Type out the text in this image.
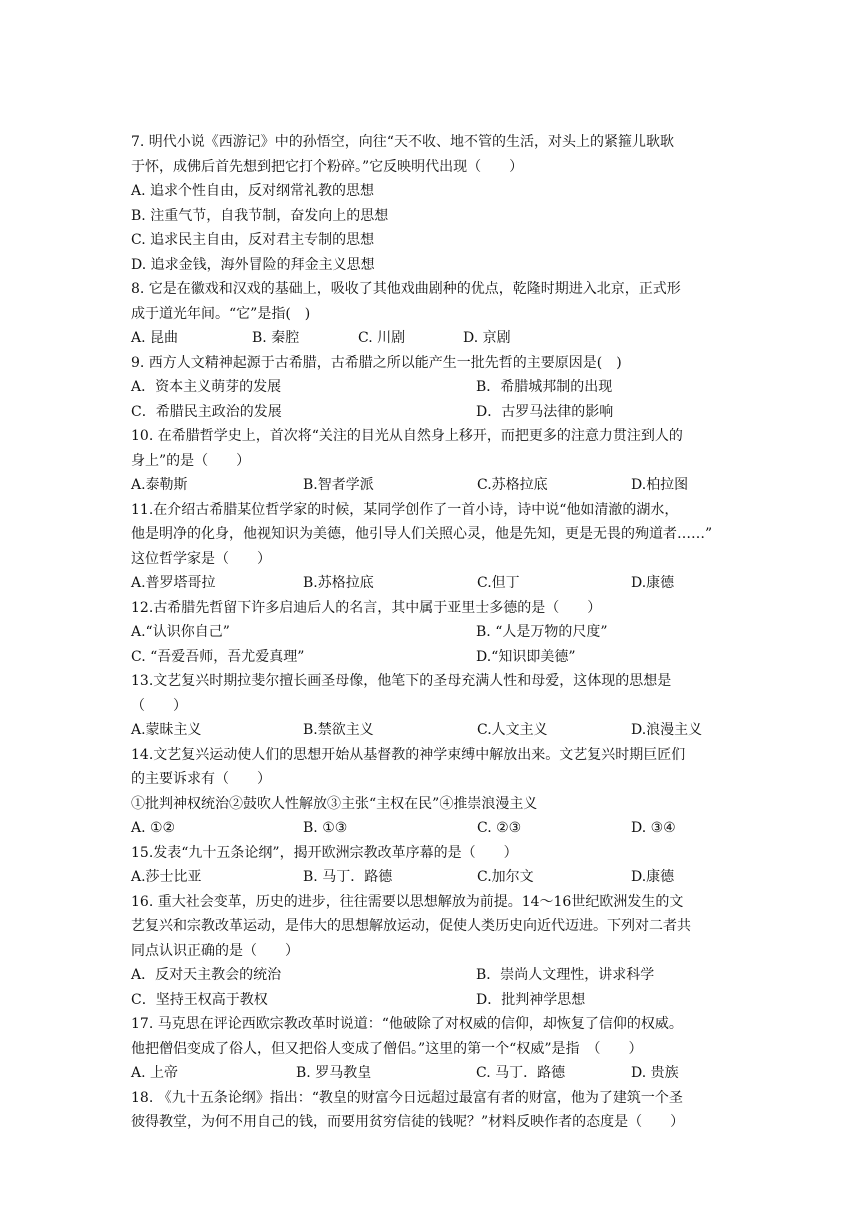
7. 明代小说《西游记》中的孙悟空，向往“天不收、地不管的生活，对头上的紧箍儿耿耿
于怀，成佛后首先想到把它打个粉碎。”它反映明代出现（　　）
A. 追求个性自由，反对纲常礼教的思想
B. 注重气节，自我节制，奋发向上的思想
C. 追求民主自由，反对君主专制的思想
D. 追求金钱，海外冒险的拜金主义思想
8. 它是在徽戏和汉戏的基础上，吸收了其他戏曲剧种的优点，乾隆时期进入北京，正式形
成于道光年间。“它”是指(　)
A. 昆曲	B. 秦腔	C. 川剧	D. 京剧
9. 西方人文精神起源于古希腊，古希腊之所以能产生一批先哲的主要原因是(　)
A．资本主义萌芽的发展	B．希腊城邦制的出现
C．希腊民主政治的发展	D．古罗马法律的影响
10. 在希腊哲学史上，首次将“关注的目光从自然身上移开，而把更多的注意力贯注到人的
身上”的是（　　）
A.泰勒斯	B.智者学派	C.苏格拉底	D.柏拉图
11.在介绍古希腊某位哲学家的时候，某同学创作了一首小诗，诗中说“他如清澈的湖水，
他是明净的化身，他视知识为美德，他引导人们关照心灵，他是先知，更是无畏的殉道者……”
这位哲学家是（　　）
A.普罗塔哥拉	B.苏格拉底	C.但丁	D.康德
12.古希腊先哲留下许多启迪后人的名言，其中属于亚里士多德的是（　　）
A.“认识你自己”	B. “人是万物的尺度”
C. “吾爱吾师，吾尤爱真理”	D.“知识即美德”
13.文艺复兴时期拉斐尔擅长画圣母像，他笔下的圣母充满人性和母爱，这体现的思想是
（　　）
A.蒙昧主义	B.禁欲主义	C.人文主义	D.浪漫主义
14.文艺复兴运动使人们的思想开始从基督教的神学束缚中解放出来。文艺复兴时期巨匠们
的主要诉求有（　　）
①批判神权统治②鼓吹人性解放③主张“主权在民”④推崇浪漫主义
A. ①②	B. ①③	C. ②③	D. ③④
15.发表“九十五条论纲”，揭开欧洲宗教改革序幕的是（　　）
A.莎士比亚	B. 马丁．路德	C.加尔文	D.康德
16. 重大社会变革，历史的进步，往往需要以思想解放为前提。14～16世纪欧洲发生的文
艺复兴和宗教改革运动，是伟大的思想解放运动，促使人类历史向近代迈进。下列对二者共
同点认识正确的是（　　）
A．反对天主教会的统治	B．崇尚人文理性，讲求科学
C．坚持王权高于教权	D．批判神学思想
17. 马克思在评论西欧宗教改革时说道：“他破除了对权威的信仰，却恢复了信仰的权威。
他把僧侣变成了俗人，但又把俗人变成了僧侣。”这里的第一个“权威”是指　（　　）
A. 上帝	B. 罗马教皇	C. 马丁．路德	D. 贵族
18. 《九十五条论纲》指出：“教皇的财富今日远超过最富有者的财富，他为了建筑一个圣
彼得教堂，为何不用自己的钱，而要用贫穷信徒的钱呢？”材料反映作者的态度是（　　）
